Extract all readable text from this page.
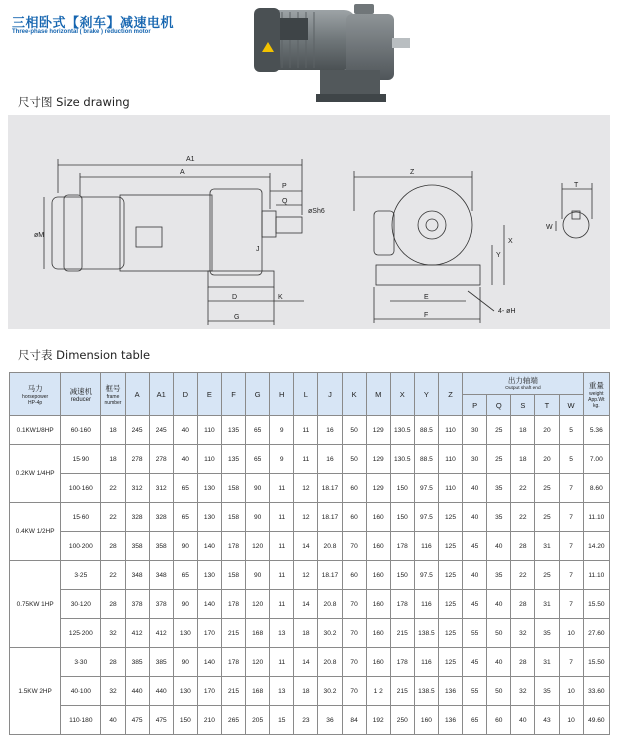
三相卧式【刹车】减速电机
Three-phase horizontal ( brake ) reduction motor
尺寸图 Size drawing
A1
A
P
Q
øSh6
øM
J
D	K
G
Z
X
Y
E
F
4- øH
T
W
尺寸表 Dimension table
马力
horsepower
HP-4p	减速机
reducer	框号
frame
number	A	A1	D	E	F	G	H	L	J	K	M	X	Y	Z	出力轴端
Output shaft end					重量
weight
App.Wt
kg.

																	P	Q	S	T	W	
0.1KW1/8HP	60∙160	18	245	245	40	110	135	65	9	11	16	50	129	130.5	88.5	110	30	25	18	20	5	5.36
0.2KW 1/4HP	15∙90	18	278	278	40	110	135	65	9	11	16	50	129	130.5	88.5	110	30	25	18	20	5	7.00
	100∙160	22	312	312	65	130	158	90	11	12	18.17	60	129	150	97.5	110	40	35	22	25	7	8.60
0.4KW 1/2HP	15∙60	22	328	328	65	130	158	90	11	12	18.17	60	160	150	97.5	125	40	35	22	25	7	11.10
	100∙200	28	358	358	90	140	178	120	11	14	20.8	70	160	178	116	125	45	40	28	31	7	14.20
0.75KW 1HP	3∙25	22	348	348	65	130	158	90	11	12	18.17	60	160	150	97.5	125	40	35	22	25	7	11.10
	30∙120	28	378	378	90	140	178	120	11	14	20.8	70	160	178	116	125	45	40	28	31	7	15.50
	125∙200	32	412	412	130	170	215	168	13	18	30.2	70	160	215	138.5	125	55	50	32	35	10	27.60
1.5KW 2HP	3∙30	28	385	385	90	140	178	120	11	14	20.8	70	160	178	116	125	45	40	28	31	7	15.50
	40∙100	32	440	440	130	170	215	168	13	18	30.2	70	1 2	215	138.5	136	55	50	32	35	10	33.60
	110∙180	40	475	475	150	210	265	205	15	23	36	84	192	250	160	136	65	60	40	43	10	49.60
